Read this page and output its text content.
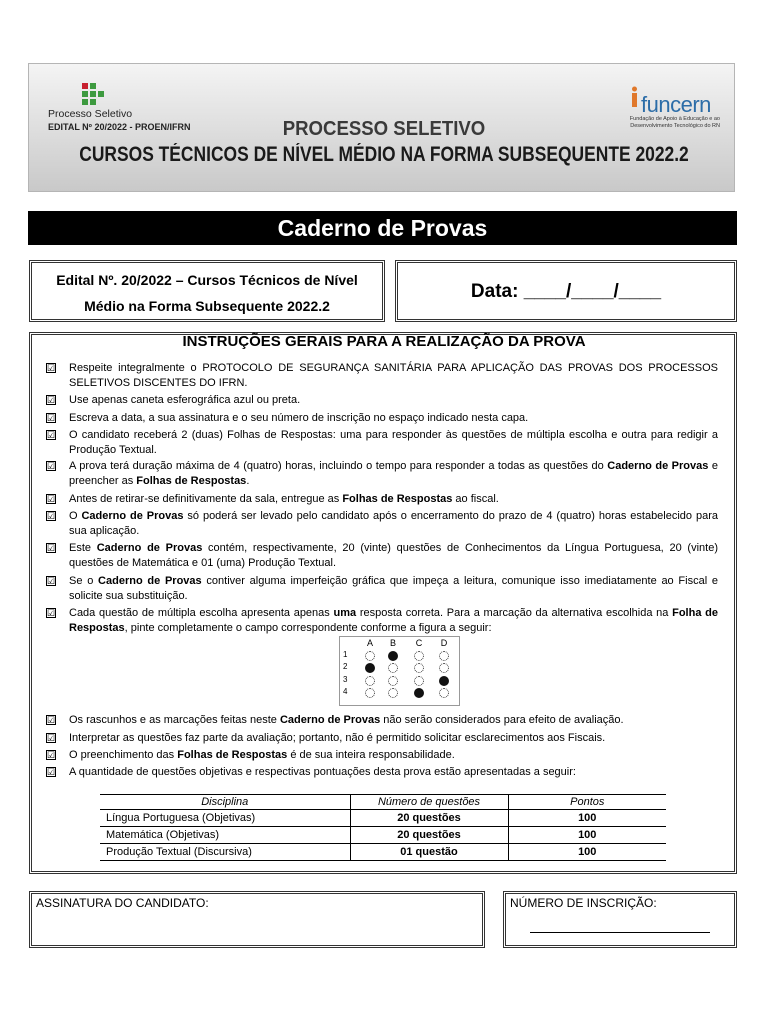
Processo Seletivo
EDITAL Nº 20/2022 - PROEN/IFRN
funcern
Fundação de Apoio à Educação e ao Desenvolvimento Tecnológico do RN
PROCESSO SELETIVO
CURSOS TÉCNICOS DE NÍVEL MÉDIO NA FORMA SUBSEQUENTE 2022.2
Caderno de Provas
Edital Nº. 20/2022 – Cursos Técnicos de Nível
Médio na Forma Subsequente 2022.2
Data: ____/____/____
INSTRUÇÕES GERAIS PARA A REALIZAÇÃO DA PROVA
☑ Respeite integralmente o PROTOCOLO DE SEGURANÇA SANITÁRIA PARA APLICAÇÃO DAS PROVAS DOS PROCESSOS SELETIVOS DISCENTES DO IFRN.
☑ Use apenas caneta esferográfica azul ou preta.
☑ Escreva a data, a sua assinatura e o seu número de inscrição no espaço indicado nesta capa.
☑ O candidato receberá 2 (duas) Folhas de Respostas: uma para responder às questões de múltipla escolha e outra para redigir a Produção Textual.
☑ A prova terá duração máxima de 4 (quatro) horas, incluindo o tempo para responder a todas as questões do Caderno de Provas e preencher as Folhas de Respostas.
☑ Antes de retirar-se definitivamente da sala, entregue as Folhas de Respostas ao fiscal.
☑ O Caderno de Provas só poderá ser levado pelo candidato após o encerramento do prazo de 4 (quatro) horas estabelecido para sua aplicação.
☑ Este Caderno de Provas contém, respectivamente, 20 (vinte) questões de Conhecimentos da Língua Portuguesa, 20 (vinte) questões de Matemática e 01 (uma) Produção Textual.
☑ Se o Caderno de Provas contiver alguma imperfeição gráfica que impeça a leitura, comunique isso imediatamente ao Fiscal e solicite sua substituição.
☑ Cada questão de múltipla escolha apresenta apenas uma resposta correta. Para a marcação da alternativa escolhida na Folha de Respostas, pinte completamente o campo correspondente conforme a figura a seguir:
A	B	C	D
1
2
3
4
☑ Os rascunhos e as marcações feitas neste Caderno de Provas não serão considerados para efeito de avaliação.
☑ Interpretar as questões faz parte da avaliação; portanto, não é permitido solicitar esclarecimentos aos Fiscais.
☑ O preenchimento das Folhas de Respostas é de sua inteira responsabilidade.
☑ A quantidade de questões objetivas e respectivas pontuações desta prova estão apresentadas a seguir:
Disciplina	Número de questões	Pontos
Língua Portuguesa (Objetivas)	20 questões	100
Matemática (Objetivas)	20 questões	100
Produção Textual (Discursiva)	01 questão	100
ASSINATURA DO CANDIDATO:	NÚMERO DE INSCRIÇÃO:
